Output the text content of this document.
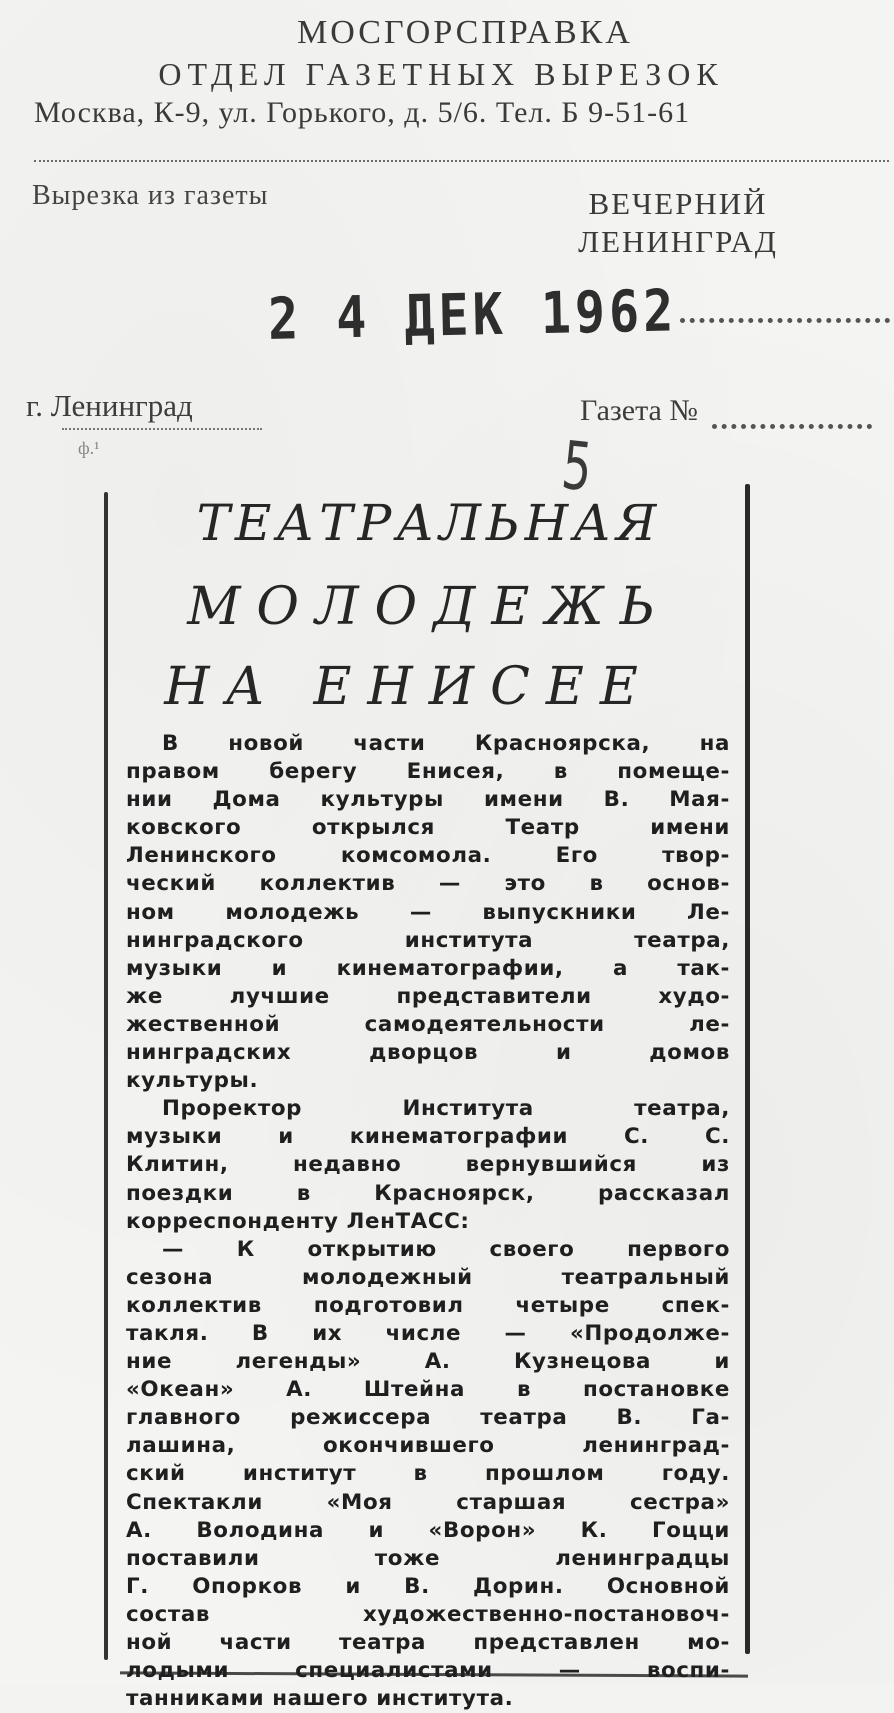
МОСГОРСПРАВКА
ОТДЕЛ ГАЗЕТНЫХ ВЫРЕЗОК
Москва, К-9, ул. Горького, д. 5/6. Тел. Б 9-51-61
Вырезка из газеты	ВЕЧЕРНИЙ
ЛЕНИНГРАД
2 4 ДЕК 1962
г. Ленинград	Газета №
ф.¹	5
ТЕАТРАЛЬНАЯ
МОЛОДЕЖЬ
НА ЕНИСЕЕ
В новой части Красноярска, на
правом берегу Енисея, в помеще-
нии Дома культуры имени В. Мая-
ковского открылся Театр имени
Ленинского комсомола. Его твор-
ческий коллектив — это в основ-
ном молодежь — выпускники Ле-
нинградского института театра,
музыки и кинематографии, а так-
же лучшие представители худо-
жественной самодеятельности ле-
нинградских дворцов и домов
культуры.
Проректор Института театра,
музыки и кинематографии С. С.
Клитин, недавно вернувшийся из
поездки в Красноярск, рассказал
корреспонденту ЛенТАСС:
— К открытию своего первого
сезона молодежный театральный
коллектив подготовил четыре спек-
такля. В их числе — «Продолже-
ние легенды» А. Кузнецова и
«Океан» А. Штейна в постановке
главного режиссера театра В. Га-
лашина, окончившего ленинград-
ский институт в прошлом году.
Спектакли «Моя старшая сестра»
А. Володина и «Ворон» К. Гоцци
поставили тоже ленинградцы
Г. Опорков и В. Дорин. Основной
состав художественно-постановоч-
ной части театра представлен мо-
лодыми специалистами — воспи-
танниками нашего института.
